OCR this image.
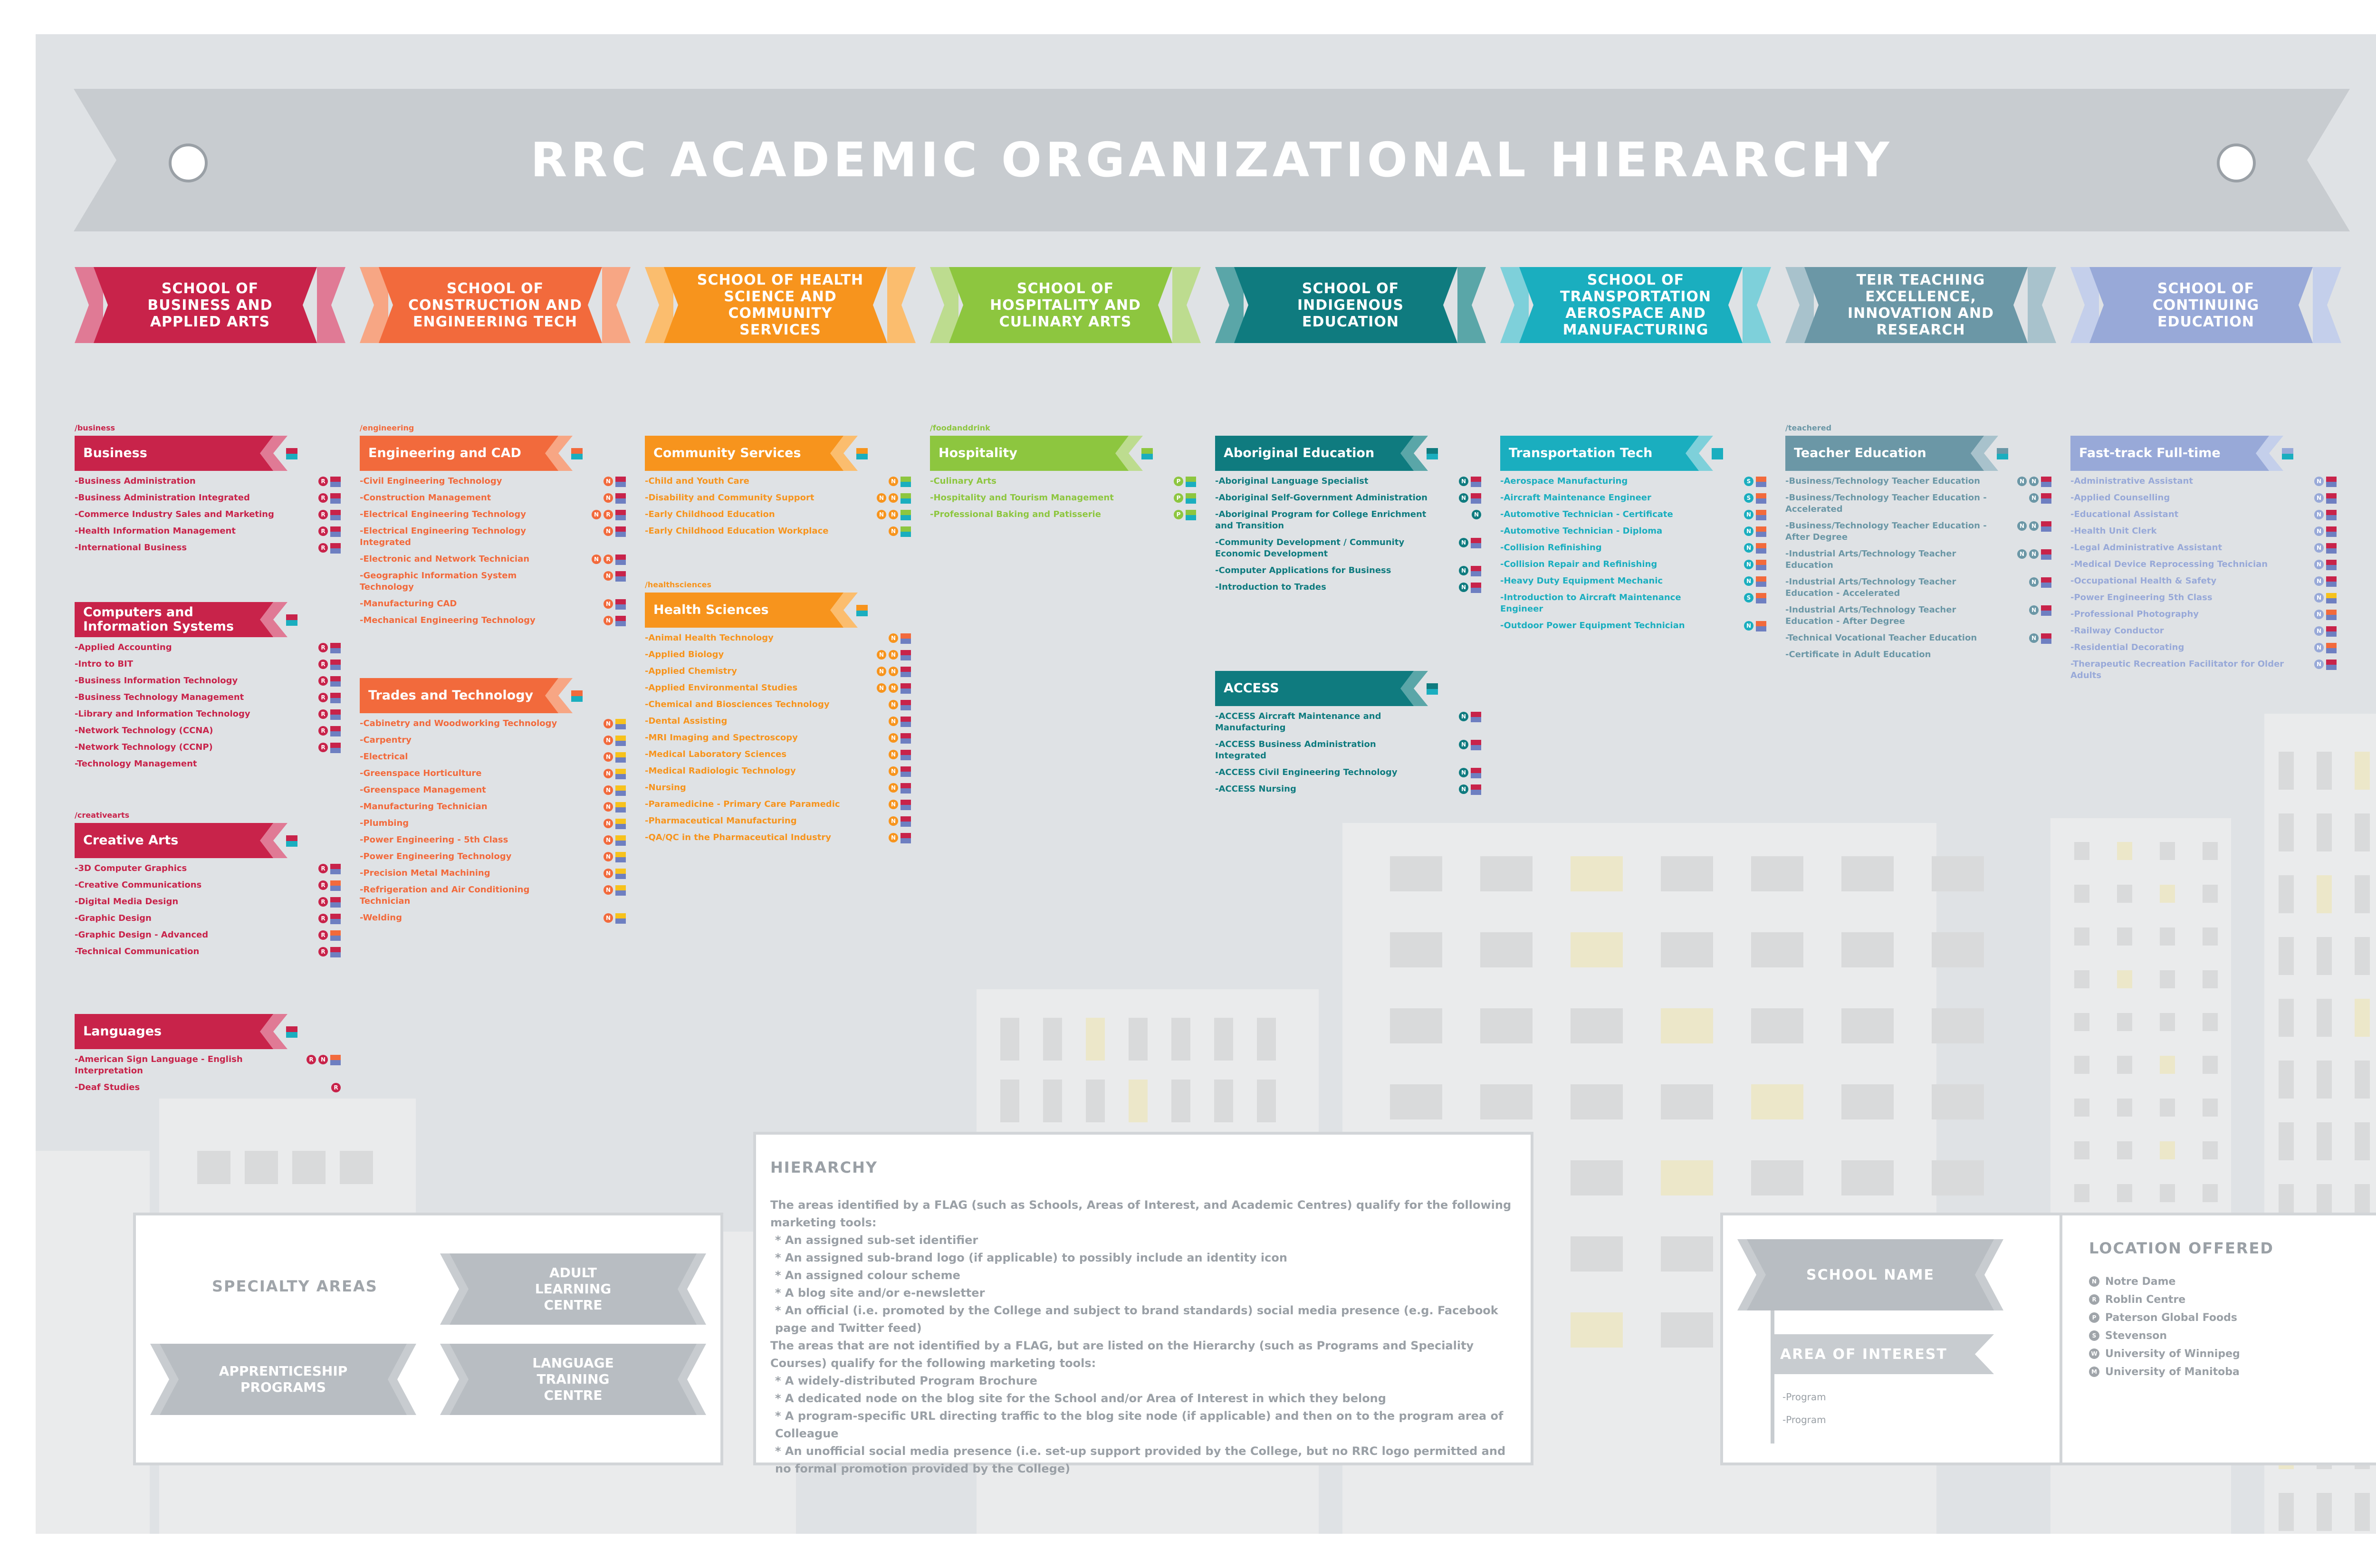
RRC ACADEMIC ORGANIZATIONAL HIERARCHY
SCHOOL OF BUSINESS AND APPLIED ARTS
SCHOOL OF CONSTRUCTION AND ENGINEERING TECH
SCHOOL OF HEALTH SCIENCE AND COMMUNITY SERVICES
SCHOOL OF HOSPITALITY AND CULINARY ARTS
SCHOOL OF INDIGENOUS EDUCATION
SCHOOL OF TRANSPORTATION AEROSPACE AND MANUFACTURING
TEIR TEACHING EXCELLENCE, INNOVATION AND RESEARCH
SCHOOL OF CONTINUING EDUCATION
/business
Business
-Business Administration	R
-Business Administration Integrated	R
-Commerce Industry Sales and Marketing	R
-Health Information Management	R
-International Business	R
Computers and Information Systems
-Applied Accounting	R
-Intro to BIT	R
-Business Information Technology	R
-Business Technology Management	R
-Library and Information Technology	R
-Network Technology (CCNA)	R
-Network Technology (CCNP)	R
-Technology Management
/creativearts
Creative Arts
-3D Computer Graphics	R
-Creative Communications	R
-Digital Media Design	R
-Graphic Design	R
-Graphic Design - Advanced	R
-Technical Communication	R
Languages
-American Sign Language - English Interpretation
R	N
-Deaf Studies	R
/engineering
Engineering and CAD
-Civil Engineering Technology	N
-Construction Management	N
-Electrical Engineering Technology	N	R
-Electrical Engineering Technology Integrated
N
-Electronic and Network Technician	N	R
-Geographic Information System Technology
N
-Manufacturing CAD	N
-Mechanical Engineering Technology	N
Trades and Technology
-Cabinetry and Woodworking Technology	N
-Carpentry	N
-Electrical	N
-Greenspace Horticulture	N
-Greenspace Management	N
-Manufacturing Technician	N
-Plumbing	N
-Power Engineering - 5th Class	N
-Power Engineering Technology	N
-Precision Metal Machining	N
-Refrigeration and Air Conditioning Technician
N
-Welding	N
Community Services
-Child and Youth Care	N
-Disability and Community Support	N	N
-Early Childhood Education	N	N
-Early Childhood Education Workplace	N
/healthsciences
Health Sciences
-Animal Health Technology	N
-Applied Biology	N	N
-Applied Chemistry	N	N
-Applied Environmental Studies	N	N
-Chemical and Biosciences Technology	N
-Dental Assisting	N
-MRI Imaging and Spectroscopy	N
-Medical Laboratory Sciences	N
-Medical Radiologic Technology	N
-Nursing	N
-Paramedicine - Primary Care Paramedic	N
-Pharmaceutical Manufacturing	N
-QA/QC in the Pharmaceutical Industry	N
/foodanddrink
Hospitality
-Culinary Arts	P
-Hospitality and Tourism Management	P
-Professional Baking and Patisserie	P
Aboriginal Education
-Aboriginal Language Specialist	N
-Aboriginal Self-Government Administration	N
-Aboriginal Program for College Enrichment and Transition
N
-Community Development / Community Economic Development
N
-Computer Applications for Business	N
-Introduction to Trades	N
ACCESS
-ACCESS Aircraft Maintenance and Manufacturing
N
-ACCESS Business Administration Integrated
N
-ACCESS Civil Engineering Technology	N
-ACCESS Nursing	N
Transportation Tech
-Aerospace Manufacturing	S
-Aircraft Maintenance Engineer	S
-Automotive Technician - Certificate	N
-Automotive Technician - Diploma	N
-Collision Refinishing	N
-Collision Repair and Refinishing	N
-Heavy Duty Equipment Mechanic	N
-Introduction to Aircraft Maintenance Engineer
S
-Outdoor Power Equipment Technician	N
/teachered
Teacher Education
-Business/Technology Teacher Education	N	N
-Business/Technology Teacher Education - Accelerated
N
-Business/Technology Teacher Education - After Degree
N	N
-Industrial Arts/Technology Teacher Education
N	N
-Industrial Arts/Technology Teacher Education - Accelerated
N
-Industrial Arts/Technology Teacher Education - After Degree
N
-Technical Vocational Teacher Education	N
-Certificate in Adult Education
Fast-track Full-time
-Administrative Assistant	N
-Applied Counselling	N
-Educational Assistant	N
-Health Unit Clerk	N
-Legal Administrative Assistant	N
-Medical Device Reprocessing Technician	N
-Occupational Health & Safety	N
-Power Engineering 5th Class	N
-Professional Photography	N
-Railway Conductor	N
-Residential Decorating	N
-Therapeutic Recreation Facilitator for Older Adults
N
SPECIALTY AREAS
ADULT LEARNING CENTRE
APPRENTICESHIP PROGRAMS
LANGUAGE TRAINING CENTRE
HIERARCHY
The areas identified by a FLAG (such as Schools, Areas of Interest, and Academic Centres) qualify for the following marketing tools:
* An assigned sub-set identifier
* An assigned sub-brand logo (if applicable) to possibly include an identity icon
* An assigned colour scheme
* A blog site and/or e-newsletter
* An official (i.e. promoted by the College and subject to brand standards) social media presence (e.g. Facebook page and Twitter feed)
The areas that are not identified by a FLAG, but are listed on the Hierarchy (such as Programs and Speciality Courses) qualify for the following marketing tools:
* A widely-distributed Program Brochure
* A dedicated node on the blog site for the School and/or Area of Interest in which they belong
* A program-specific URL directing traffic to the blog site node (if applicable) and then on to the program area of Colleague
* An unofficial social media presence (i.e. set-up support provided by the College, but no RRC logo permitted and no formal promotion provided by the College)
SCHOOL NAME
AREA OF INTEREST
-Program
-Program
LOCATION OFFERED
N Notre Dame
R Roblin Centre
P Paterson Global Foods
S Stevenson
W University of Winnipeg
M University of Manitoba
